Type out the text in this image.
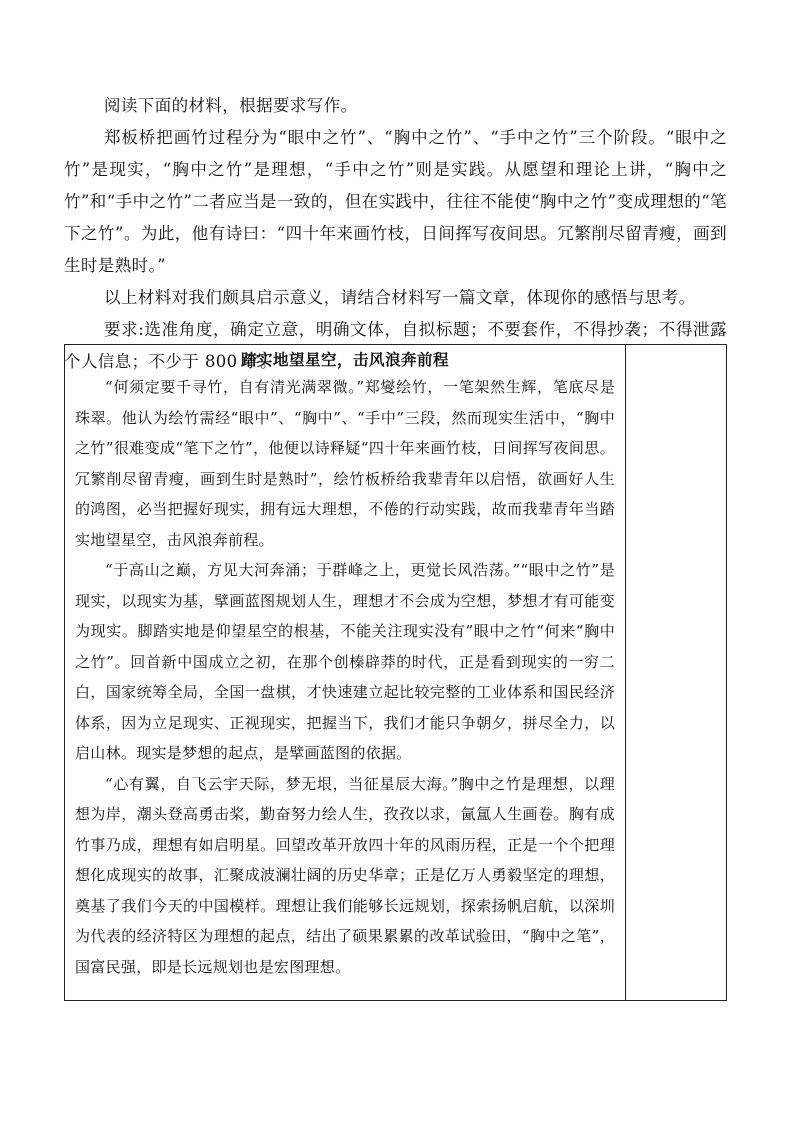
阅读下面的材料，根据要求写作。

郑板桥把画竹过程分为“眼中之竹”、“胸中之竹”、“手中之竹”三个阶段。“眼中之竹”是现实，“胸中之竹”是理想，“手中之竹”则是实践。从愿望和理论上讲，“胸中之竹”和“手中之竹”二者应当是一致的，但在实践中，往往不能使“胸中之竹”变成理想的“笔下之竹”。为此，他有诗曰：“四十年来画竹枝，日间挥写夜间思。冗繁削尽留青瘦，画到生时是熟时。”

以上材料对我们颇具启示意义，请结合材料写一篇文章，体现你的感悟与思考。

要求:选准角度，确定立意，明确文体，自拟标题；不要套作，不得抄袭；不得泄露个人信息；不少于 800 字。

踏实地望星空，击风浪奔前程

“何须定要千寻竹，自有清光满翠微。”郑燮绘竹，一笔架然生辉，笔底尽是珠翠。他认为绘竹需经“眼中”、“胸中”、“手中”三段，然而现实生活中，“胸中之竹”很难变成“笔下之竹”，他便以诗释疑“四十年来画竹枝，日间挥写夜间思。冗繁削尽留青瘦，画到生时是熟时”，绘竹板桥给我辈青年以启悟，欲画好人生的鸿图，必当把握好现实，拥有远大理想，不倦的行动实践，故而我辈青年当踏实地望星空，击风浪奔前程。

“于高山之巅，方见大河奔涌；于群峰之上，更觉长风浩荡。”“眼中之竹”是现实，以现实为基，擘画蓝图规划人生，理想才不会成为空想，梦想才有可能变为现实。脚踏实地是仰望星空的根基，不能关注现实没有”眼中之竹“何来“胸中之竹”。回首新中国成立之初，在那个创榛辟莽的时代，正是看到现实的一穷二白，国家统筹全局，全国一盘棋，才快速建立起比较完整的工业体系和国民经济体系，因为立足现实、正视现实，把握当下，我们才能只争朝夕，拼尽全力，以启山林。现实是梦想的起点，是擘画蓝图的依据。

“心有翼，自飞云宇天际，梦无垠，当征星辰大海。”胸中之竹是理想，以理想为岸，潮头登高勇击桨，勤奋努力绘人生，孜孜以求，氤氲人生画卷。胸有成竹事乃成，理想有如启明星。回望改革开放四十年的风雨历程，正是一个个把理想化成现实的故事，汇聚成波澜壮阔的历史华章；正是亿万人勇毅坚定的理想，奠基了我们今天的中国模样。理想让我们能够长远规划，探索扬帆启航，以深圳为代表的经济特区为理想的起点，结出了硕果累累的改革试验田，“胸中之笔”，国富民强，即是长远规划也是宏图理想。
